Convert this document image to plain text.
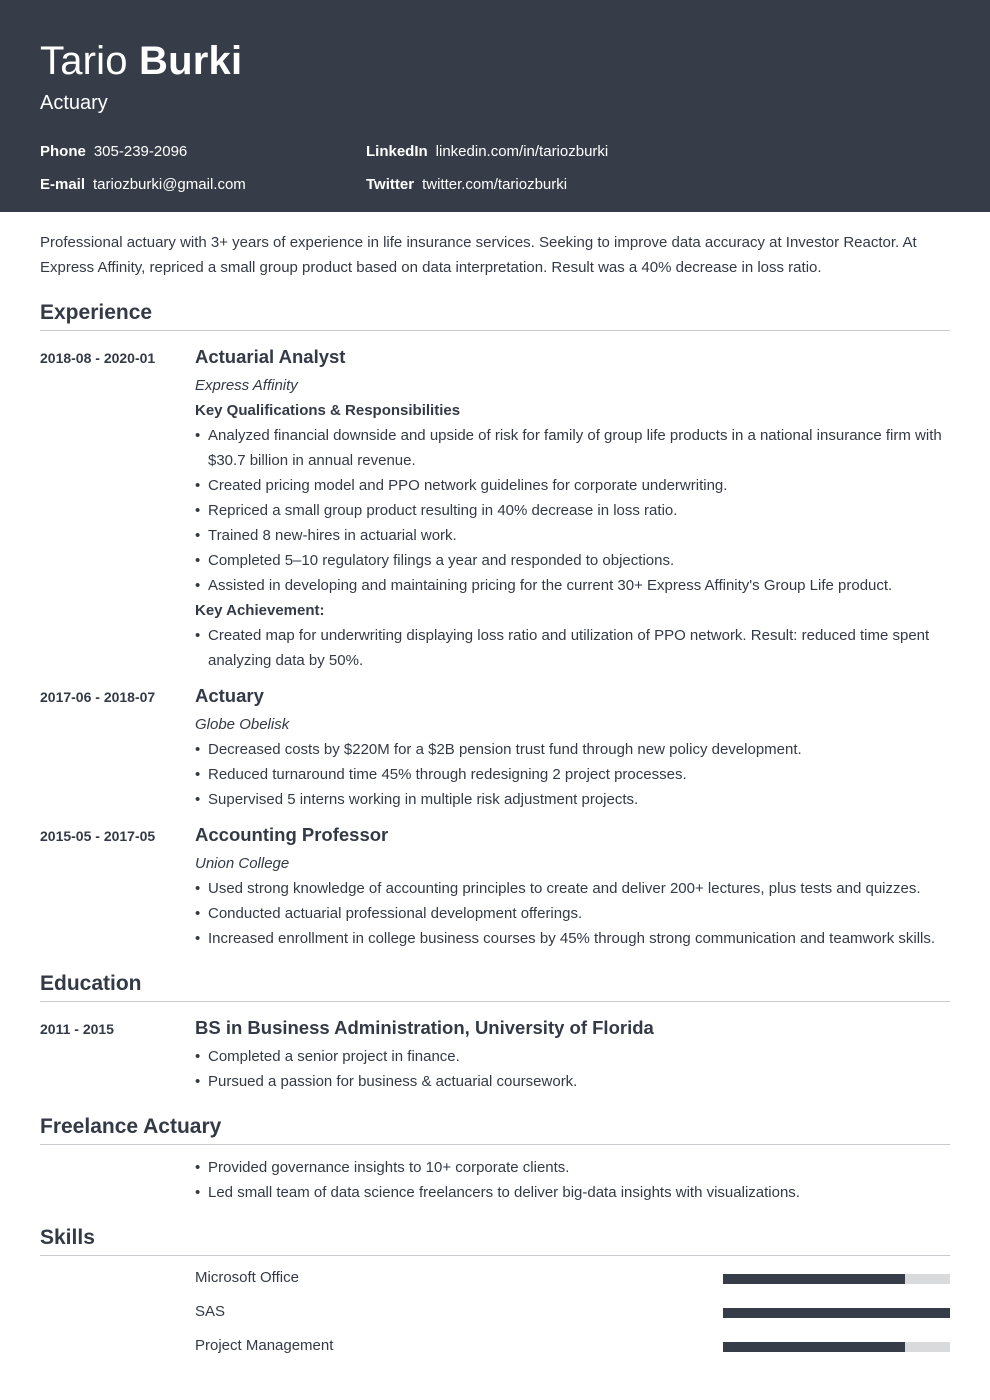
Tario Burki
Actuary
Phone 305-239-2096
E-mail tariozburki@gmail.com
LinkedIn linkedin.com/in/tariozburki
Twitter twitter.com/tariozburki

Professional actuary with 3+ years of experience in life insurance services. Seeking to improve data accuracy at Investor Reactor. At Express Affinity, repriced a small group product based on data interpretation. Result was a 40% decrease in loss ratio.

Experience
2018-08 - 2020-01 Actuarial Analyst
Express Affinity
Key Qualifications & Responsibilities
• Analyzed financial downside and upside of risk for family of group life products in a national insurance firm with $30.7 billion in annual revenue.
• Created pricing model and PPO network guidelines for corporate underwriting.
• Repriced a small group product resulting in 40% decrease in loss ratio.
• Trained 8 new-hires in actuarial work.
• Completed 5–10 regulatory filings a year and responded to objections.
• Assisted in developing and maintaining pricing for the current 30+ Express Affinity's Group Life product.
Key Achievement:
• Created map for underwriting displaying loss ratio and utilization of PPO network. Result: reduced time spent analyzing data by 50%.
2017-06 - 2018-07 Actuary
Globe Obelisk
• Decreased costs by $220M for a $2B pension trust fund through new policy development.
• Reduced turnaround time 45% through redesigning 2 project processes.
• Supervised 5 interns working in multiple risk adjustment projects.
2015-05 - 2017-05 Accounting Professor
Union College
• Used strong knowledge of accounting principles to create and deliver 200+ lectures, plus tests and quizzes.
• Conducted actuarial professional development offerings.
• Increased enrollment in college business courses by 45% through strong communication and teamwork skills.
Education
2011 - 2015	BS in Business Administration, University of Florida
• Completed a senior project in finance.
• Pursued a passion for business & actuarial coursework.
Freelance Actuary
• Provided governance insights to 10+ corporate clients.
• Led small team of data science freelancers to deliver big-data insights with visualizations.
Skills
Microsoft Office
SAS
Project Management
